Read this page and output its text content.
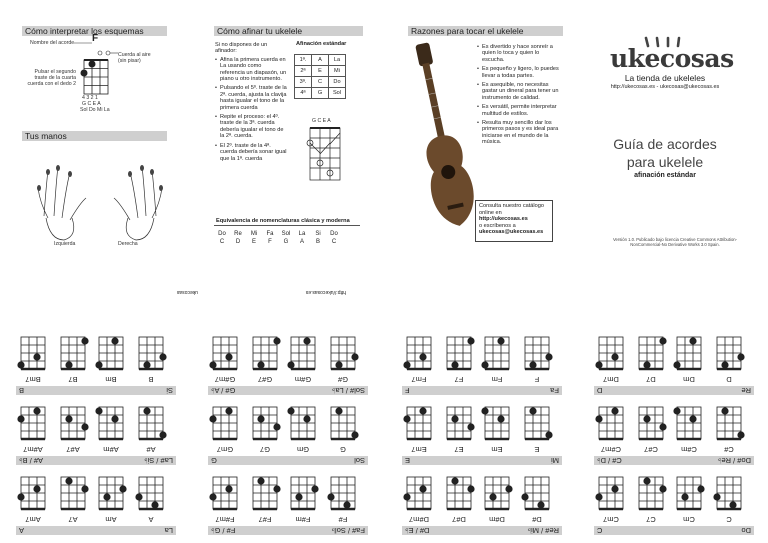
Cómo interpretar los esquemas
Nombre del acorde F
Cuerda al aire (sin pisar)
Pulsar el segundo traste de la cuarta cuerda con el dedo 2
4 3 2 1
G C E A
Sol Do Mi La
Tus manos
Izquierda	Derecha
Cómo afinar tu ukelele
Si no dispones de un afinador:
• Afina la primera cuerda en La usando como referencia un diapasón, un piano u otro instrumento.
• Pulsando el 5º. traste de la 2ª. cuerda, ajusta la clavija hasta igualar el tono de la primera cuerda
• Repite el proceso: el 4º. traste de la 3ª. cuerda debería igualar el tono de la 2ª. cuerda.
• El 2º. traste de la 4ª. cuerda debería sonar igual que la 1ª. cuerda
Afinación estándar
1ª.	A	La
2ª	E	Mi
3ª.	C	Do
4ª	G	Sol
G C E A
Equivalencia de nomenclaturas clásica y moderna
Do	Re	Mi	Fa	Sol	La	Si	Do
C	D	E	F	G	A	B	C
Razones para tocar el ukelele
• Es divertido y hace sonreír a quien lo toca y quien lo escucha.
• Es pequeño y ligero, lo puedes llevar a todas partes.
• Es asequible, no necesitas gastar un dineral para tener un instrumento de calidad.
• Es versátil, permite interpretar multitud de estilos.
• Resulta muy sencillo dar los primeros pasos y es ideal para iniciarse en el mundo de la música.
Consulta nuestro catálogo online en
http://ukecosas.es
o escríbenos a
ukecosas@ukecosas.es
ukecosas
La tienda de ukeleles
http://ukecosas.es - ukecosas@ukecosas.es
Guía de acordes
para ukelele
afinación estándar
Versión 1.0. Publicado bajo licencia Creative Commons Attribution-NonCommercial-No Derivative Works 3.0 Spain.
ukecosas	http://ukecosas.es
Do
C
C
Cm
C7
Cm7
Do# / Re♭
C# / D♭
C#
C#m
C#7
C#m7
Re
D
D
Dm
D7
Dm7
Re# / Mi♭
D# / E♭
D#
D#m
D#7
D#m7
Mi
E
E
Em
E7
Em7
Fa
F
F
Fm
F7
Fm7
Fa# / Sol♭
F# / G♭
F#
F#m
F#7
F#m7
Sol
G
G
Gm
G7
Gm7
Sol# / La♭
G# / A♭
G#
G#m
G#7
G#m7
La
A
A
Am
A7
Am7
La# / Si♭
A# / B♭
A#
A#m
A#7
A#m7
Si
B
B
Bm
B7
Bm7
